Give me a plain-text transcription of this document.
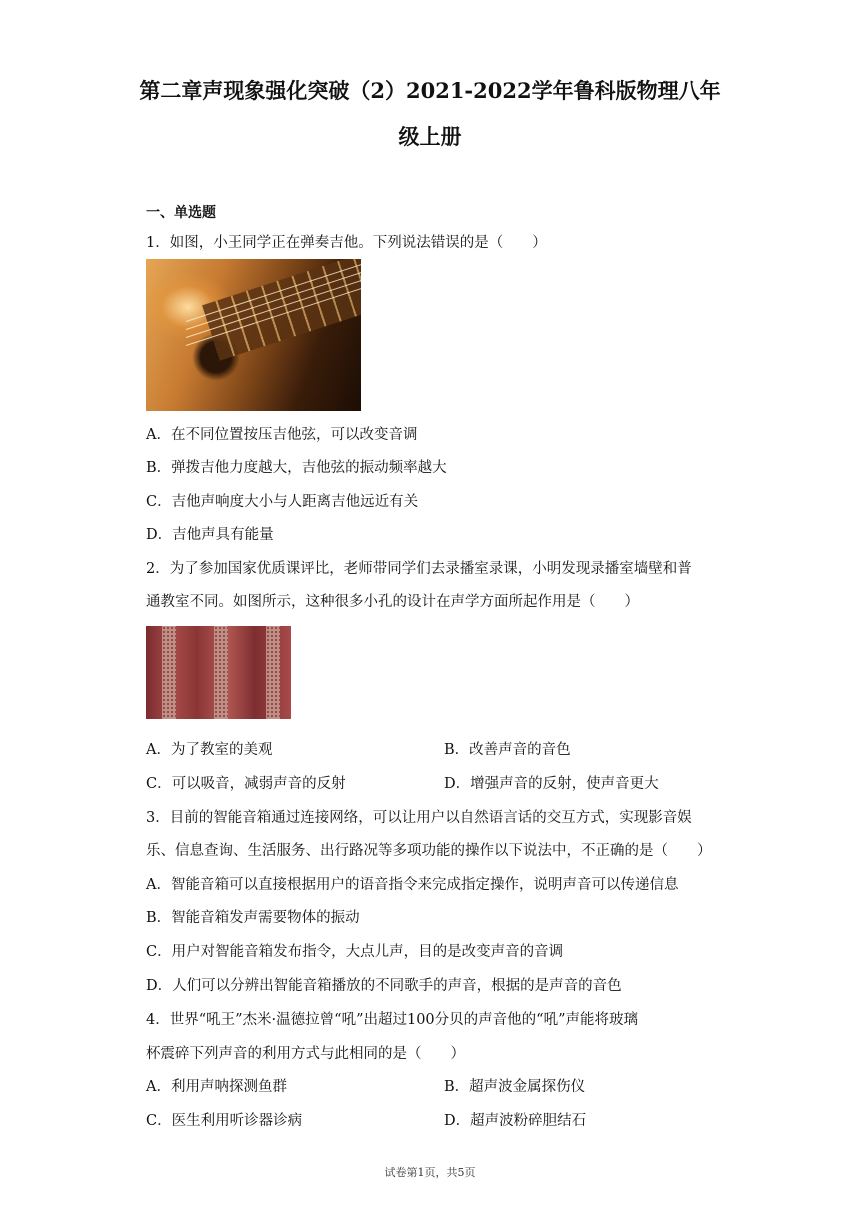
第二章声现象强化突破（2）2021-2022学年鲁科版物理八年
级上册
一、单选题
1．如图，小王同学正在弹奏吉他。下列说法错误的是（　　）
A．在不同位置按压吉他弦，可以改变音调
B．弹拨吉他力度越大，吉他弦的振动频率越大
C．吉他声响度大小与人距离吉他远近有关
D．吉他声具有能量
2．为了参加国家优质课评比，老师带同学们去录播室录课，小明发现录播室墙壁和普
通教室不同。如图所示，这种很多小孔的设计在声学方面所起作用是（　　）
A．为了教室的美观	B．改善声音的音色
C．可以吸音，减弱声音的反射	D．增强声音的反射，使声音更大
3．目前的智能音箱通过连接网络，可以让用户以自然语言话的交互方式，实现影音娱
乐、信息查询、生活服务、出行路况等多项功能的操作以下说法中，不正确的是（　　）
A．智能音箱可以直接根据用户的语音指令来完成指定操作，说明声音可以传递信息
B．智能音箱发声需要物体的振动
C．用户对智能音箱发布指令，大点儿声，目的是改变声音的音调
D．人们可以分辨出智能音箱播放的不同歌手的声音，根据的是声音的音色
4．世界“吼王”杰米·温德拉曾“吼”出超过100分贝的声音他的“吼”声能将玻璃
杯震碎下列声音的利用方式与此相同的是（　　）
A．利用声呐探测鱼群	B．超声波金属探伤仪
C．医生利用听诊器诊病	D．超声波粉碎胆结石
试卷第1页，共5页
